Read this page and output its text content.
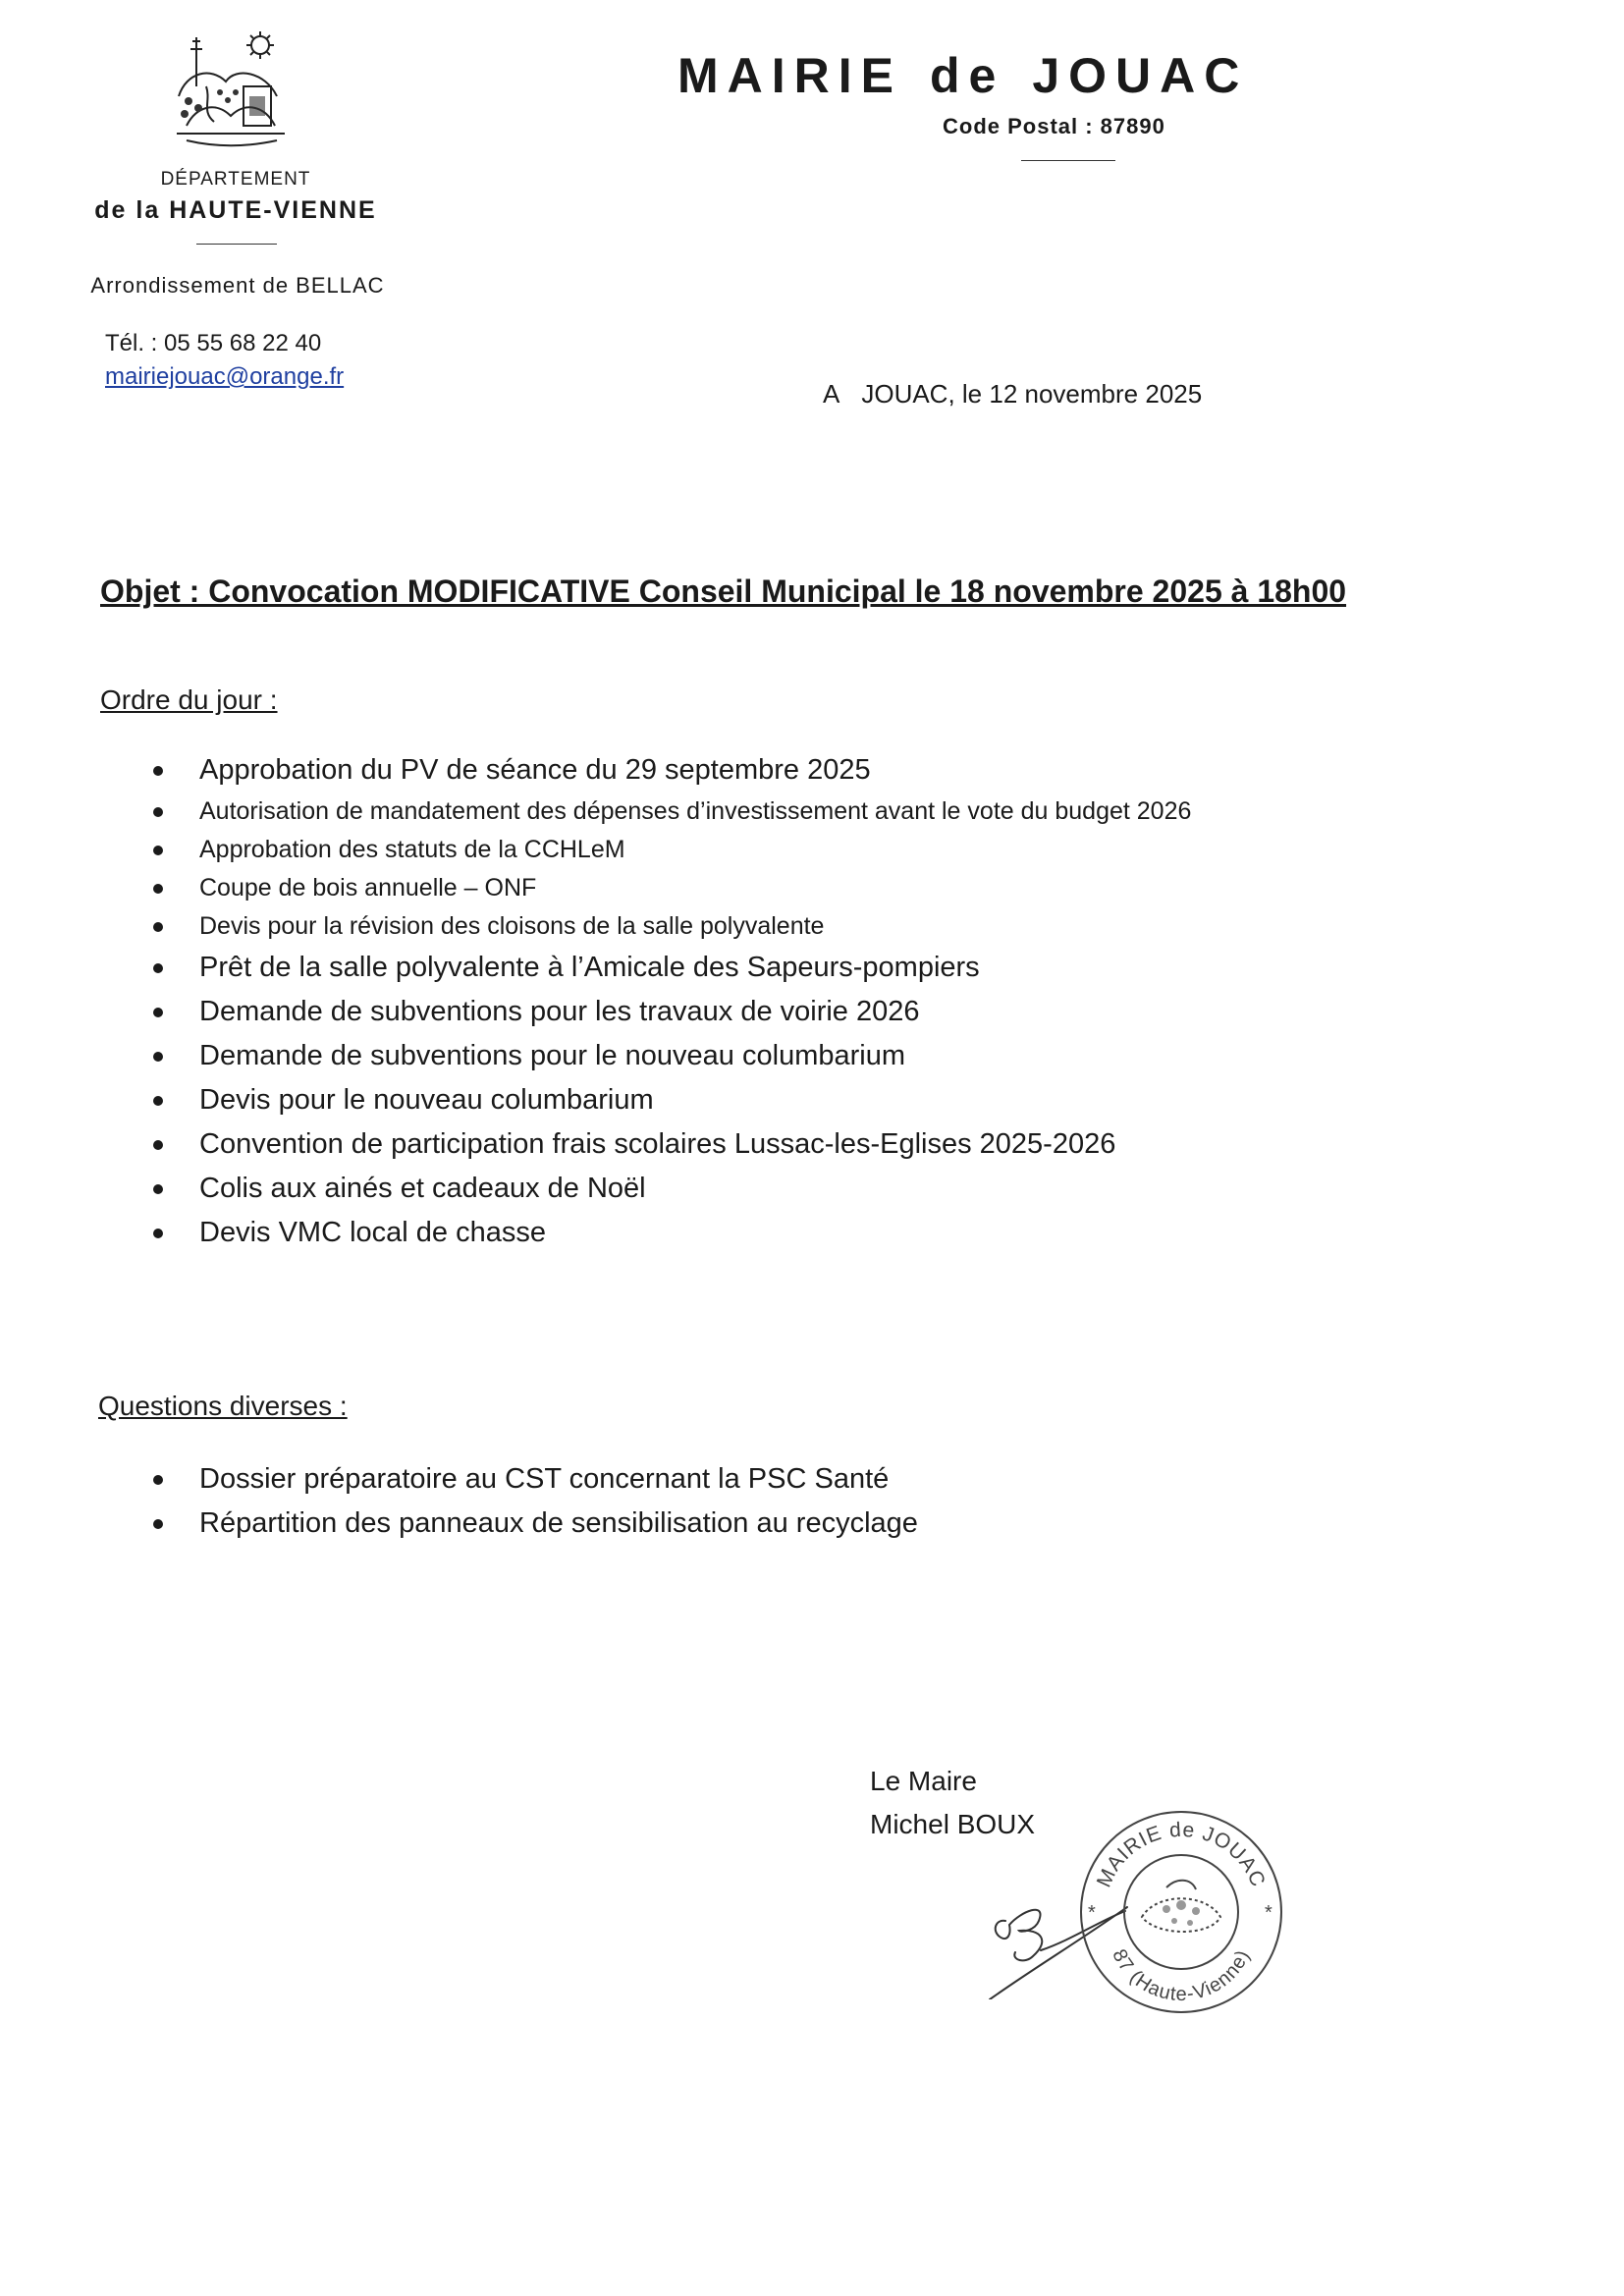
DÉPARTEMENT
de la HAUTE-VIENNE
Arrondissement de BELLAC
Tél. : 05 55 68 22 40
mairiejouac@orange.fr
MAIRIE de JOUAC
Code Postal : 87890
A JOUAC, le 12 novembre 2025
Objet : Convocation MODIFICATIVE Conseil Municipal le 18 novembre 2025 à 18h00
Ordre du jour :
Approbation du PV de séance du 29 septembre 2025
Autorisation de mandatement des dépenses d’investissement avant le vote du budget 2026
Approbation des statuts de la CCHLeM
Coupe de bois annuelle – ONF
Devis pour la révision des cloisons de la salle polyvalente
Prêt de la salle polyvalente à l’Amicale des Sapeurs-pompiers
Demande de subventions pour les travaux de voirie 2026
Demande de subventions pour le nouveau columbarium
Devis pour le nouveau columbarium
Convention de participation frais scolaires Lussac-les-Eglises 2025-2026
Colis aux ainés et cadeaux de Noël
Devis VMC local de chasse
Questions diverses :
Dossier préparatoire au CST concernant la PSC Santé
Répartition des panneaux de sensibilisation au recyclage
Le Maire
Michel BOUX
MAIRIE de JOUAC
87 (Haute-Vienne)
*	*
